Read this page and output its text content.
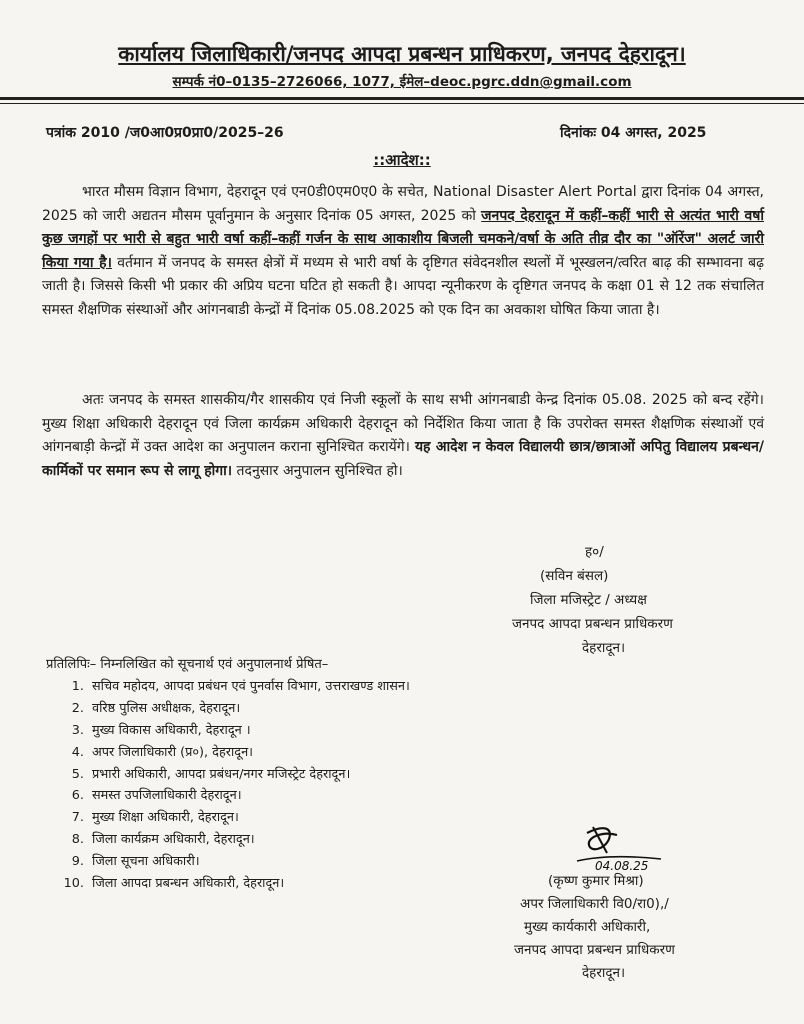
कार्यालय जिलाधिकारी/जनपद आपदा प्रबन्धन प्राधिकरण, जनपद देहरादून।
सम्पर्क नं0–0135–2726066, 1077, ईमेल–deoc.pgrc.ddn@gmail.com
पत्रांक 2010 /ज0आ0प्र0प्रा0/2025–26	दिनांकः 04 अगस्त, 2025
::आदेश::
भारत मौसम विज्ञान विभाग, देहरादून एवं एन0डी0एम0ए0 के सचेत, National Disaster Alert Portal द्वारा दिनांक 04 अगस्त, 2025 को जारी अद्यतन मौसम पूर्वानुमान के अनुसार दिनांक 05 अगस्त, 2025 को जनपद देहरादून में कहीं–कहीं भारी से अत्यंत भारी वर्षा कुछ जगहों पर भारी से बहुत भारी वर्षा कहीं–कहीं गर्जन के साथ आकाशीय बिजली चमकने/वर्षा के अति तीव्र दौर का "ऑरेंज" अलर्ट जारी किया गया है। वर्तमान में जनपद के समस्त क्षेत्रों में मध्यम से भारी वर्षा के दृष्टिगत संवेदनशील स्थलों में भूस्खलन/त्वरित बाढ़ की सम्भावना बढ़ जाती है। जिससे किसी भी प्रकार की अप्रिय घटना घटित हो सकती है। आपदा न्यूनीकरण के दृष्टिगत जनपद के कक्षा 01 से 12 तक संचालित समस्त शैक्षणिक संस्थाओं और आंगनबाडी केन्द्रों में दिनांक 05.08.2025 को एक दिन का अवकाश घोषित किया जाता है।
अतः जनपद के समस्त शासकीय/गैर शासकीय एवं निजी स्कूलों के साथ सभी आंगनबाडी केन्द्र दिनांक 05.08. 2025 को बन्द रहेंगे। मुख्य शिक्षा अधिकारी देहरादून एवं जिला कार्यक्रम अधिकारी देहरादून को निर्देशित किया जाता है कि उपरोक्त समस्त शैक्षणिक संस्थाओं एवं आंगनबाड़ी केन्द्रों में उक्त आदेश का अनुपालन कराना सुनिश्चित करायेंगे। यह आदेश न केवल विद्यालयी छात्र/छात्राओं अपितु विद्यालय प्रबन्धन/कार्मिकों पर समान रूप से लागू होगा। तदनुसार अनुपालन सुनिश्चित हो।
ह०/
(सविन बंसल)
जिला मजिस्ट्रेट / अध्यक्ष
जनपद आपदा प्रबन्धन प्राधिकरण
देहरादून।
प्रतिलिपिः– निम्नलिखित को सूचनार्थ एवं अनुपालनार्थ प्रेषित–
1. सचिव महोदय, आपदा प्रबंधन एवं पुनर्वास विभाग, उत्तराखण्ड शासन।
2. वरिष्ठ पुलिस अधीक्षक, देहरादून।
3. मुख्य विकास अधिकारी, देहरादून ।
4. अपर जिलाधिकारी (प्र०), देहरादून।
5. प्रभारी अधिकारी, आपदा प्रबंधन/नगर मजिस्ट्रेट देहरादून।
6. समस्त उपजिलाधिकारी देहरादून।
7. मुख्य शिक्षा अधिकारी, देहरादून।
8. जिला कार्यक्रम अधिकारी, देहरादून।
9. जिला सूचना अधिकारी।
10. जिला आपदा प्रबन्धन अधिकारी, देहरादून।
04.08.25
(कृष्ण कुमार मिश्रा)
अपर जिलाधिकारी वि0/रा0),/
मुख्य कार्यकारी अधिकारी,
जनपद आपदा प्रबन्धन प्राधिकरण
देहरादून।
